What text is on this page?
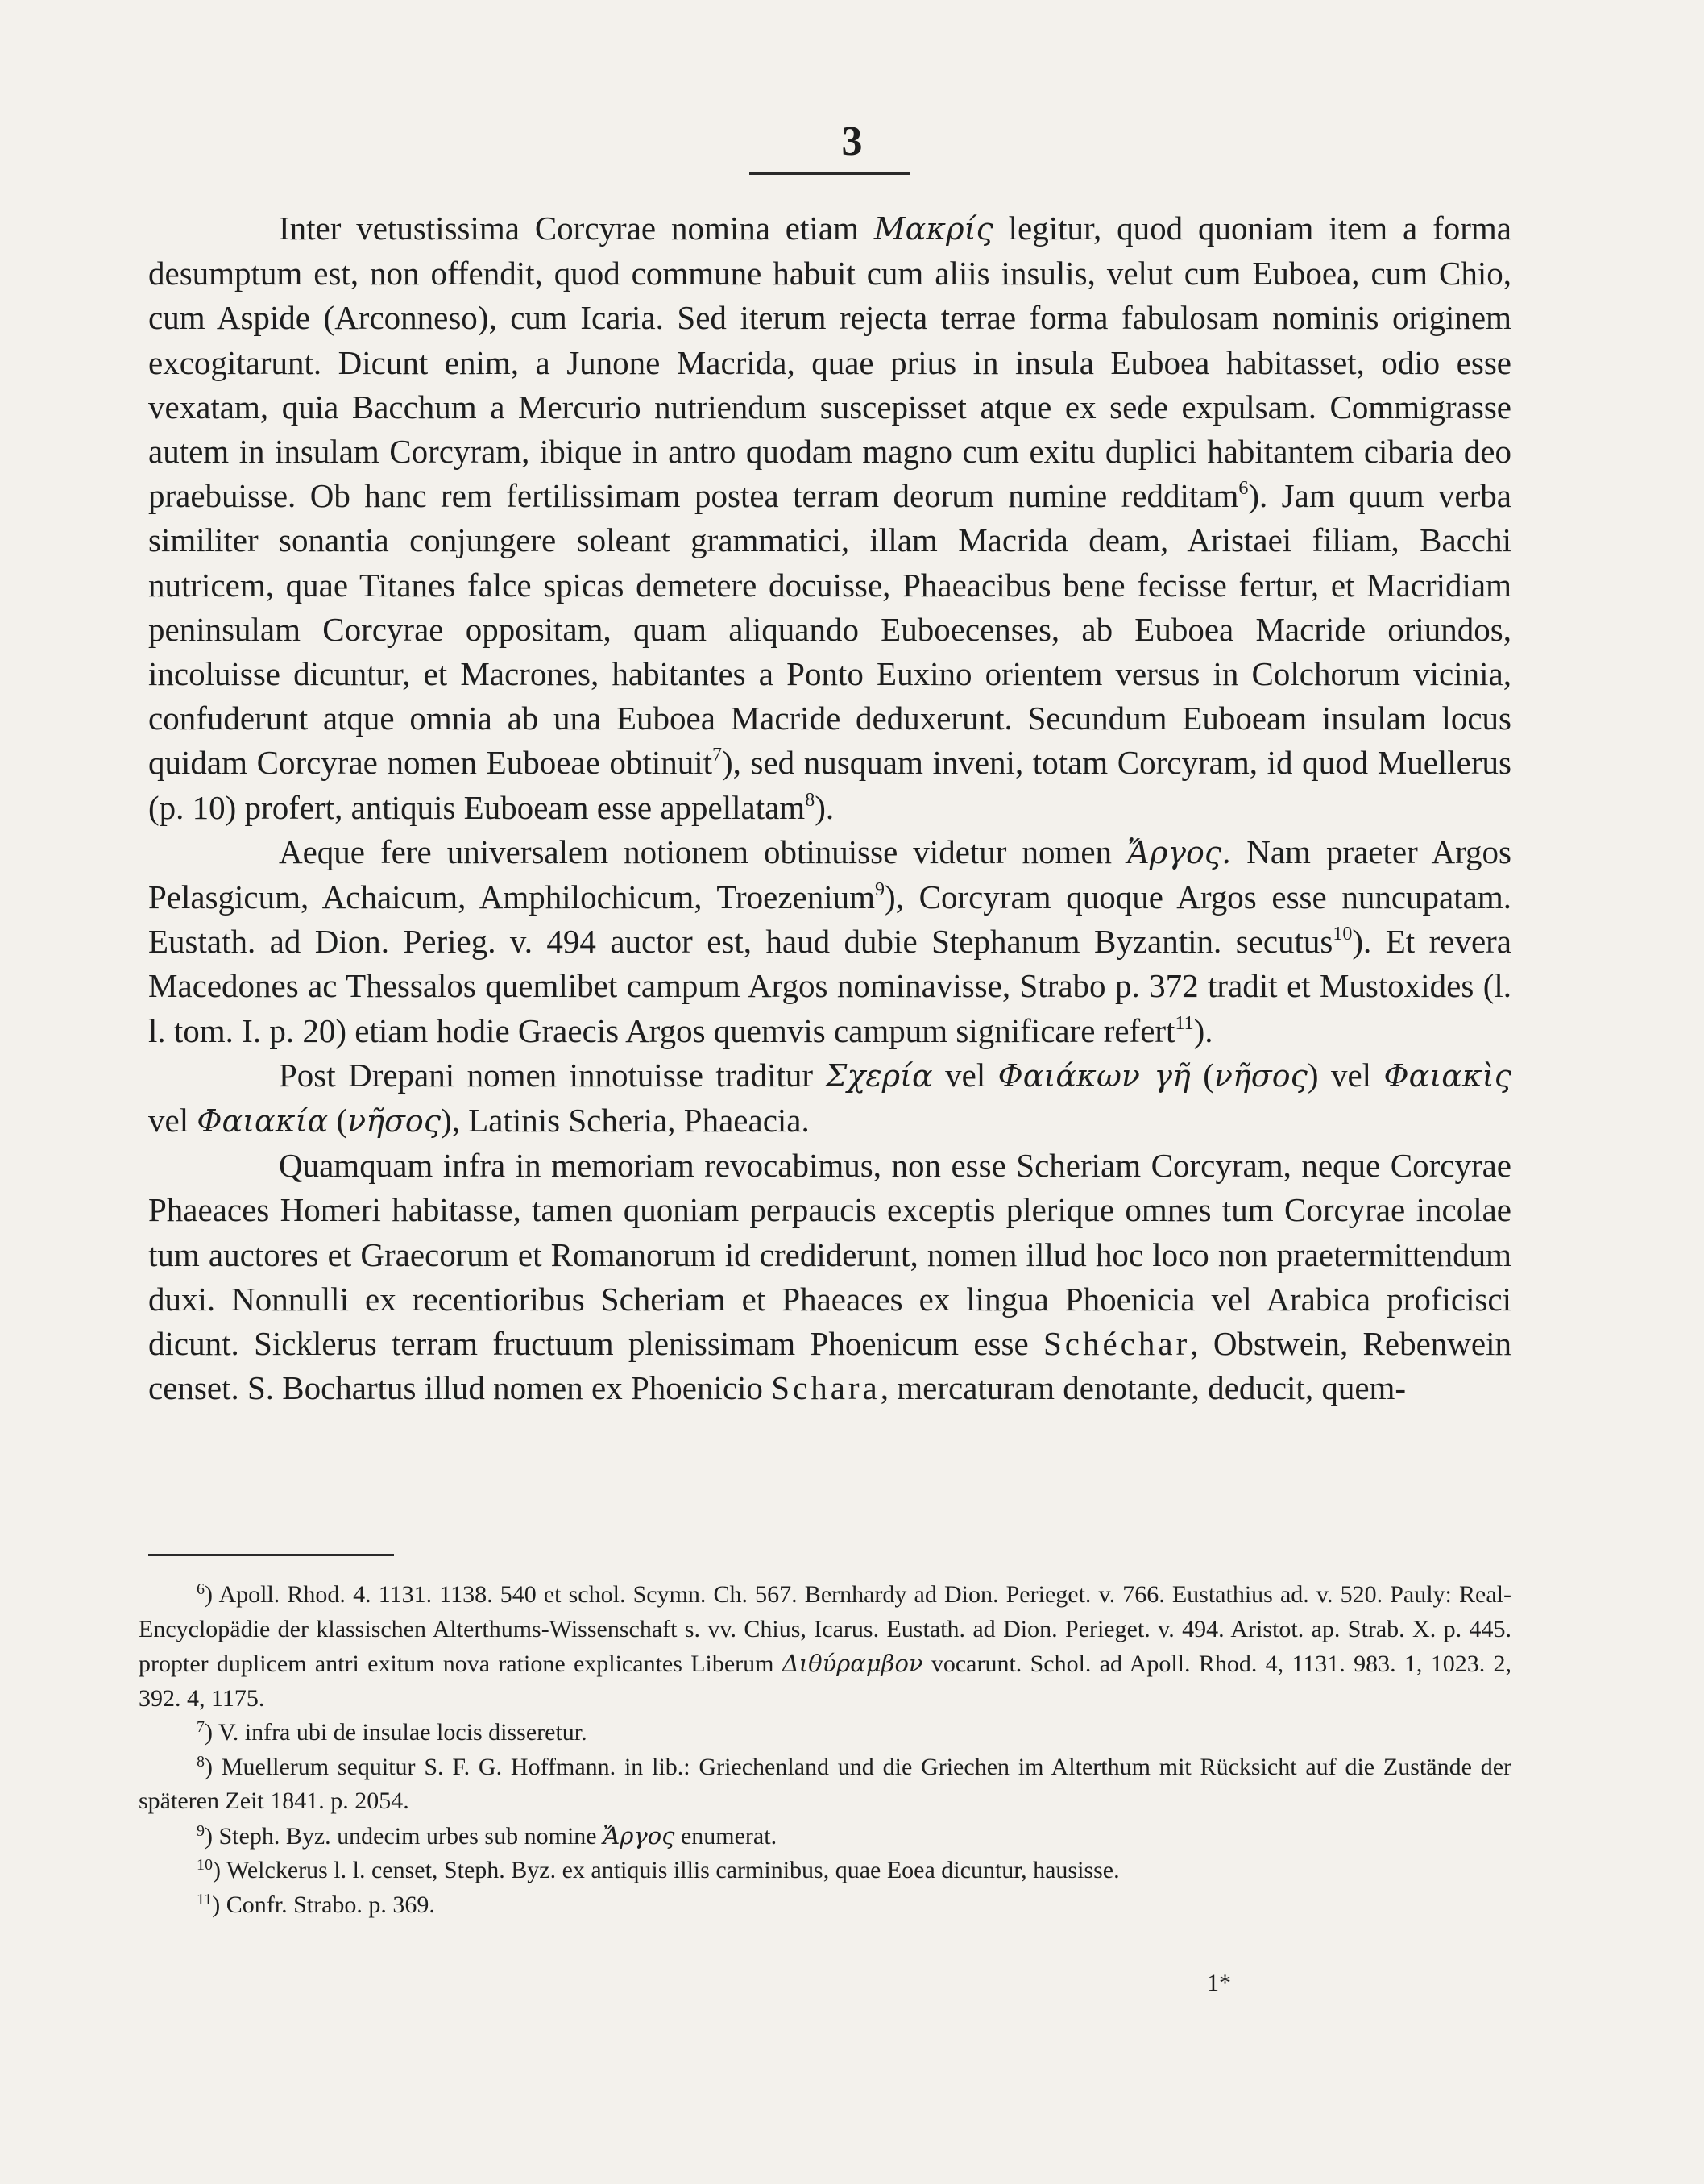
3

Inter vetustissima Corcyrae nomina etiam Μακρίς legitur, quod quoniam item a forma desumptum est, non offendit, quod commune habuit cum aliis insulis, velut cum Euboea, cum Chio, cum Aspide (Arconneso), cum Icaria. Sed iterum rejecta terrae forma fabulosam nominis originem excogitarunt. Dicunt enim, a Junone Macrida, quae prius in insula Euboea habitasset, odio esse vexatam, quia Bacchum a Mercurio nutriendum suscepisset atque ex sede expulsam. Commigrasse autem in insulam Corcyram, ibique in antro quodam magno cum exitu duplici habitantem cibaria deo praebuisse. Ob hanc rem fertilissimam postea terram deorum numine redditam$^6$). Jam quum verba similiter sonantia conjungere soleant grammatici, illam Macrida deam, Aristaei filiam, Bacchi nutricem, quae Titanes falce spicas demetere docuisse, Phaeacibus bene fecisse fertur, et Macridiam peninsulam Corcyrae oppositam, quam aliquando Euboecenses, ab Euboea Macride oriundos, incoluisse dicuntur, et Macrones, habitantes a Ponto Euxino orientem versus in Colchorum vicinia, confuderunt atque omnia ab una Euboea Macride deduxerunt. Secundum Euboeam insulam locus quidam Corcyrae nomen Euboeae obtinuit$^7$), sed nusquam inveni, totam Corcyram, id quod Muellerus (p. 10) profert, antiquis Euboeam esse appellatam$^8$).

Aeque fere universalem notionem obtinuisse videtur nomen Ἄργος. Nam praeter Argos Pelasgicum, Achaicum, Amphilochicum, Troezenium$^9$), Corcyram quoque Argos esse nuncupatam. Eustath. ad Dion. Perieg. v. 494 auctor est, haud dubie Stephanum Byzantin. secutus$^{10}$). Et revera Macedones ac Thessalos quemlibet campum Argos nominavisse, Strabo p. 372 tradit et Mustoxides (l. l. tom. I. p. 20) etiam hodie Graecis Argos quemvis campum significare refert$^{11}$).

Post Drepani nomen innotuisse traditur Σχερία vel Φαιάκων γῆ (νῆσος) vel Φαιακὶς vel Φαιακία (νῆσος), Latinis Scheria, Phaeacia.

Quamquam infra in memoriam revocabimus, non esse Scheriam Corcyram, neque Corcyrae Phaeaces Homeri habitasse, tamen quoniam perpaucis exceptis plerique omnes tum Corcyrae incolae tum auctores et Graecorum et Romanorum id crediderunt, nomen illud hoc loco non praetermittendum duxi. Nonnulli ex recentioribus Scheriam et Phaeaces ex lingua Phoenicia vel Arabica proficisci dicunt. Sicklerus terram fructuum plenissimam Phoenicum esse Schéchar, Obstwein, Rebenwein censet. S. Bochartus illud nomen ex Phoenicio Schara, mercaturam denotante, deducit, quem-

$^6$) Apoll. Rhod. 4. 1131. 1138. 540 et schol. Scymn. Ch. 567. Bernhardy ad Dion. Perieget. v. 766. Eustathius ad. v. 520. Pauly: Real-Encyclopädie der klassischen Alterthums-Wissenschaft s. vv. Chius, Icarus. Eustath. ad Dion. Perieget. v. 494. Aristot. ap. Strab. X. p. 445. propter duplicem antri exitum nova ratione explicantes Liberum Διθύραμβον vocarunt. Schol. ad Apoll. Rhod. 4, 1131. 983. 1, 1023. 2, 392. 4, 1175.

$^7$) V. infra ubi de insulae locis disseretur.

$^8$) Muellerum sequitur S. F. G. Hoffmann. in lib.: Griechenland und die Griechen im Alterthum mit Rücksicht auf die Zustände der späteren Zeit 1841. p. 2054.

$^9$) Steph. Byz. undecim urbes sub nomine Ἄργος enumerat.

$^{10}$) Welckerus l. l. censet, Steph. Byz. ex antiquis illis carminibus, quae Eoea dicuntur, hausisse.

$^{11}$) Confr. Strabo. p. 369.

1*
